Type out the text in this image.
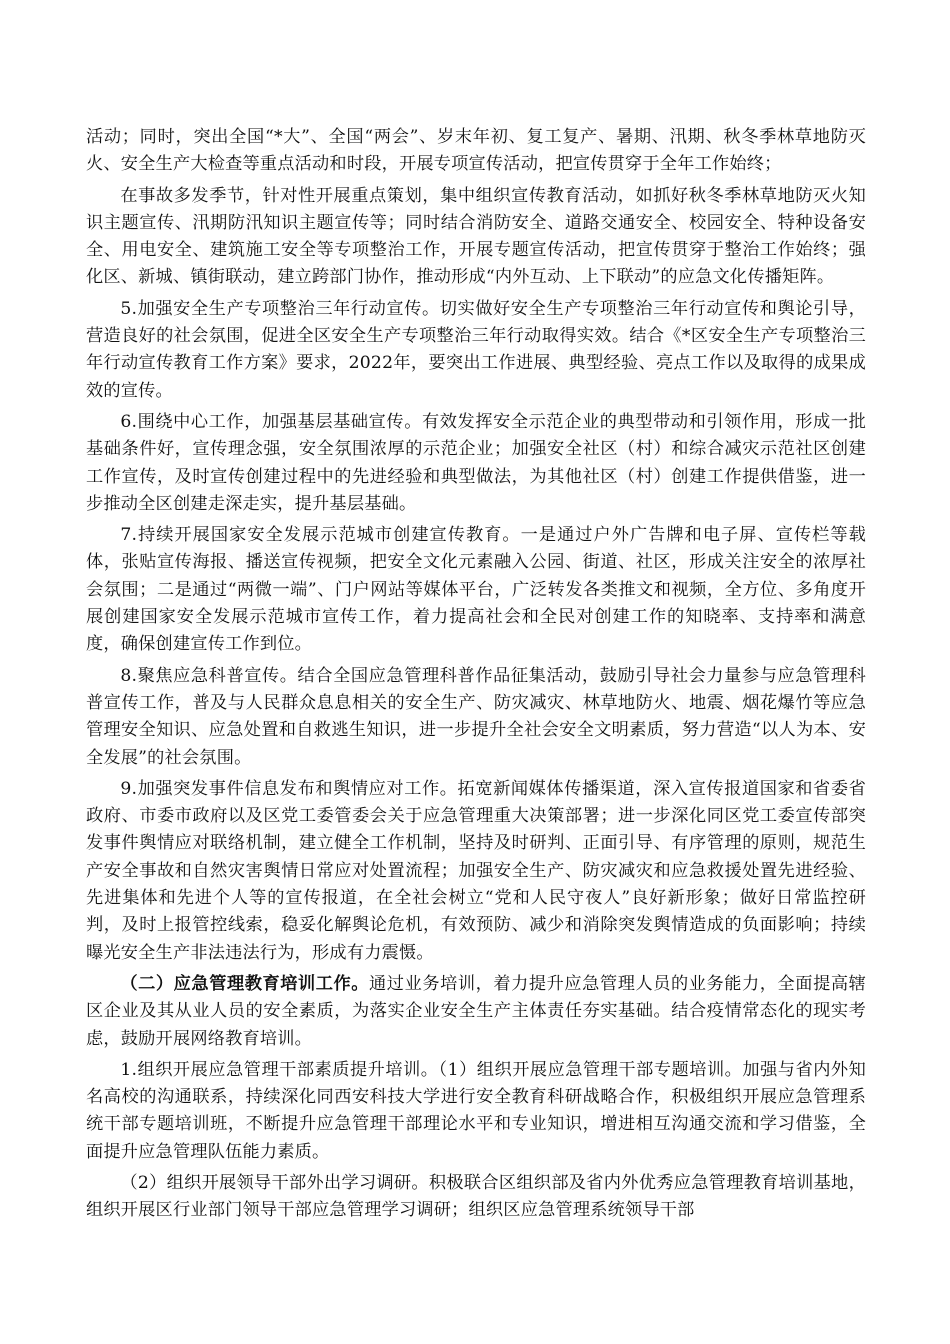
活动；同时，突出全国“*大”、全国“两会”、岁末年初、复工复产、暑期、汛期、秋冬季林草地防灭火、安全生产大检查等重点活动和时段，开展专项宣传活动，把宣传贯穿于全年工作始终；

在事故多发季节，针对性开展重点策划，集中组织宣传教育活动，如抓好秋冬季林草地防灭火知识主题宣传、汛期防汛知识主题宣传等；同时结合消防安全、道路交通安全、校园安全、特种设备安全、用电安全、建筑施工安全等专项整治工作，开展专题宣传活动，把宣传贯穿于整治工作始终；强化区、新城、镇街联动，建立跨部门协作，推动形成“内外互动、上下联动”的应急文化传播矩阵。

5.加强安全生产专项整治三年行动宣传。切实做好安全生产专项整治三年行动宣传和舆论引导，营造良好的社会氛围，促进全区安全生产专项整治三年行动取得实效。结合《*区安全生产专项整治三年行动宣传教育工作方案》要求，2022年，要突出工作进展、典型经验、亮点工作以及取得的成果成效的宣传。

6.围绕中心工作，加强基层基础宣传。有效发挥安全示范企业的典型带动和引领作用，形成一批基础条件好，宣传理念强，安全氛围浓厚的示范企业；加强安全社区（村）和综合减灾示范社区创建工作宣传，及时宣传创建过程中的先进经验和典型做法，为其他社区（村）创建工作提供借鉴，进一步推动全区创建走深走实，提升基层基础。

7.持续开展国家安全发展示范城市创建宣传教育。一是通过户外广告牌和电子屏、宣传栏等载体，张贴宣传海报、播送宣传视频，把安全文化元素融入公园、街道、社区，形成关注安全的浓厚社会氛围；二是通过“两微一端”、门户网站等媒体平台，广泛转发各类推文和视频，全方位、多角度开展创建国家安全发展示范城市宣传工作，着力提高社会和全民对创建工作的知晓率、支持率和满意度，确保创建宣传工作到位。

8.聚焦应急科普宣传。结合全国应急管理科普作品征集活动，鼓励引导社会力量参与应急管理科普宣传工作，普及与人民群众息息相关的安全生产、防灾减灾、林草地防火、地震、烟花爆竹等应急管理安全知识、应急处置和自救逃生知识，进一步提升全社会安全文明素质，努力营造“以人为本、安全发展”的社会氛围。

9.加强突发事件信息发布和舆情应对工作。拓宽新闻媒体传播渠道，深入宣传报道国家和省委省政府、市委市政府以及区党工委管委会关于应急管理重大决策部署；进一步深化同区党工委宣传部突发事件舆情应对联络机制，建立健全工作机制，坚持及时研判、正面引导、有序管理的原则，规范生产安全事故和自然灾害舆情日常应对处置流程；加强安全生产、防灾减灾和应急救援处置先进经验、先进集体和先进个人等的宣传报道，在全社会树立“党和人民守夜人”良好新形象；做好日常监控研判，及时上报管控线索，稳妥化解舆论危机，有效预防、减少和消除突发舆情造成的负面影响；持续曝光安全生产非法违法行为，形成有力震慑。

（二）应急管理教育培训工作。通过业务培训，着力提升应急管理人员的业务能力，全面提高辖区企业及其从业人员的安全素质，为落实企业安全生产主体责任夯实基础。结合疫情常态化的现实考虑，鼓励开展网络教育培训。

1.组织开展应急管理干部素质提升培训。（1）组织开展应急管理干部专题培训。加强与省内外知名高校的沟通联系，持续深化同西安科技大学进行安全教育科研战略合作，积极组织开展应急管理系统干部专题培训班，不断提升应急管理干部理论水平和专业知识，增进相互沟通交流和学习借鉴，全面提升应急管理队伍能力素质。

（2）组织开展领导干部外出学习调研。积极联合区组织部及省内外优秀应急管理教育培训基地，组织开展区行业部门领导干部应急管理学习调研；组织区应急管理系统领导干部
